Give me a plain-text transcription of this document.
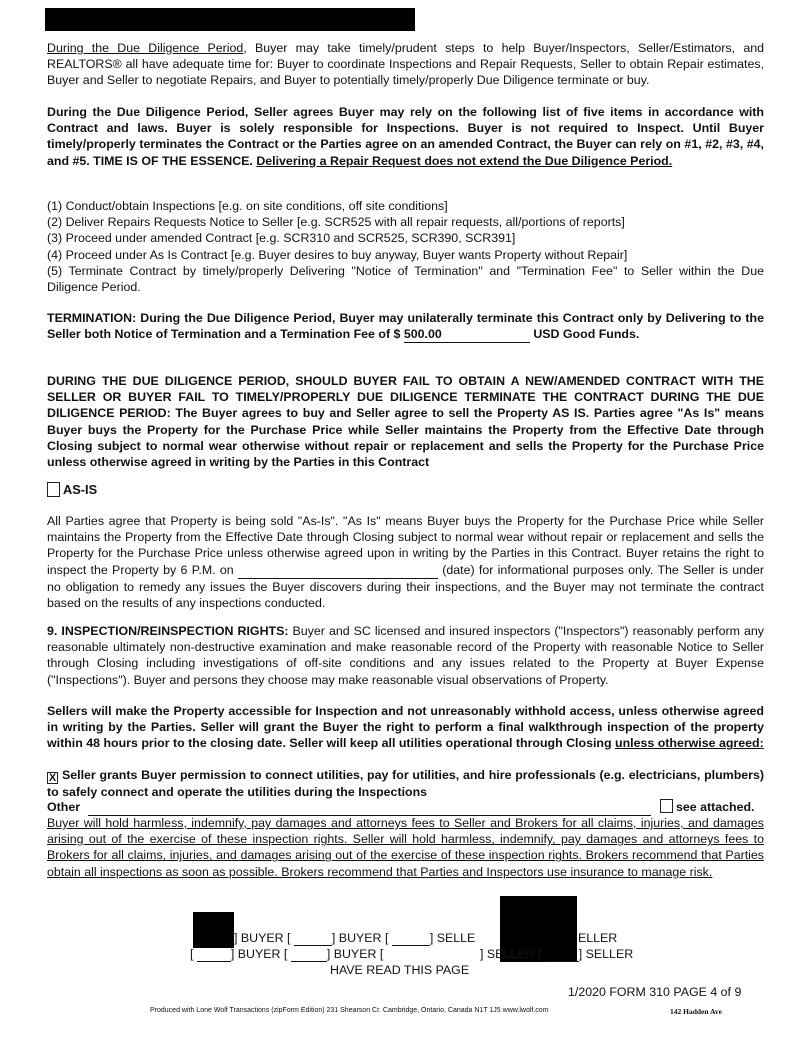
During the Due Diligence Period, Buyer may take timely/prudent steps to help Buyer/Inspectors, Seller/Estimators, and REALTORS® all have adequate time for: Buyer to coordinate Inspections and Repair Requests, Seller to obtain Repair estimates, Buyer and Seller to negotiate Repairs, and Buyer to potentially timely/properly Due Diligence terminate or buy.

During the Due Diligence Period, Seller agrees Buyer may rely on the following list of five items in accordance with Contract and laws. Buyer is solely responsible for Inspections. Buyer is not required to Inspect. Until Buyer timely/properly terminates the Contract or the Parties agree on an amended Contract, the Buyer can rely on #1, #2, #3, #4, and #5. TIME IS OF THE ESSENCE. Delivering a Repair Request does not extend the Due Diligence Period.

(1) Conduct/obtain Inspections [e.g. on site conditions, off site conditions]
(2) Deliver Repairs Requests Notice to Seller [e.g. SCR525 with all repair requests, all/portions of reports]
(3) Proceed under amended Contract [e.g. SCR310 and SCR525, SCR390, SCR391]
(4) Proceed under As Is Contract [e.g. Buyer desires to buy anyway, Buyer wants Property without Repair]
(5) Terminate Contract by timely/properly Delivering "Notice of Termination" and "Termination Fee" to Seller within the Due Diligence Period.

TERMINATION: During the Due Diligence Period, Buyer may unilaterally terminate this Contract only by Delivering to the Seller both Notice of Termination and a Termination Fee of $ 500.00	USD Good Funds.

DURING THE DUE DILIGENCE PERIOD, SHOULD BUYER FAIL TO OBTAIN A NEW/AMENDED CONTRACT WITH THE SELLER OR BUYER FAIL TO TIMELY/PROPERLY DUE DILIGENCE TERMINATE THE CONTRACT DURING THE DUE DILIGENCE PERIOD: The Buyer agrees to buy and Seller agree to sell the Property AS IS. Parties agree "As Is" means Buyer buys the Property for the Purchase Price while Seller maintains the Property from the Effective Date through Closing subject to normal wear otherwise without repair or replacement and sells the Property for the Purchase Price unless otherwise agreed in writing by the Parties in this Contract

AS-IS

All Parties agree that Property is being sold "As-Is". "As Is" means Buyer buys the Property for the Purchase Price while Seller maintains the Property from the Effective Date through Closing subject to normal wear without repair or replacement and sells the Property for the Purchase Price unless otherwise agreed upon in writing by the Parties in this Contract. Buyer retains the right to inspect the Property by 6 P.M. on	(date) for informational purposes only. The Seller is under no obligation to remedy any issues the Buyer discovers during their inspections, and the Buyer may not terminate the contract based on the results of any inspections conducted.

9. INSPECTION/REINSPECTION RIGHTS: Buyer and SC licensed and insured inspectors ("Inspectors") reasonably perform any reasonable ultimately non-destructive examination and make reasonable record of the Property with reasonable Notice to Seller through Closing including investigations of off-site conditions and any issues related to the Property at Buyer Expense ("Inspections"). Buyer and persons they choose may make reasonable visual observations of Property.

Sellers will make the Property accessible for Inspection and not unreasonably withhold access, unless otherwise agreed in writing by the Parties. Seller will grant the Buyer the right to perform a final walkthrough inspection of the property within 48 hours prior to the closing date. Seller will keep all utilities operational through Closing unless otherwise agreed:

X Seller grants Buyer permission to connect utilities, pay for utilities, and hire professionals (e.g. electricians, plumbers) to safely connect and operate the utilities during the Inspections

Other	see attached.

Buyer will hold harmless, indemnify, pay damages and attorneys fees to Seller and Brokers for all claims, injuries, and damages arising out of the exercise of these inspection rights. Seller will hold harmless, indemnify, pay damages and attorneys fees to Brokers for all claims, injuries, and damages arising out of the exercise of these inspection rights. Brokers recommend that Parties obtain all inspections as soon as possible. Brokers recommend that Parties and Inspectors use insurance to manage risk.

] BUYER [	] BUYER [	] SELLE	ELLER
[	] BUYER [	] BUYER [	] SELLER [	] SELLER
HAVE READ THIS PAGE
1/2020 FORM 310 PAGE 4 of 9
Produced with Lone Wolf Transactions (zipForm Edition) 231 Shearson Cr. Cambridge, Ontario, Canada N1T 1J5 www.lwolf.com	142 Hadden Ave
